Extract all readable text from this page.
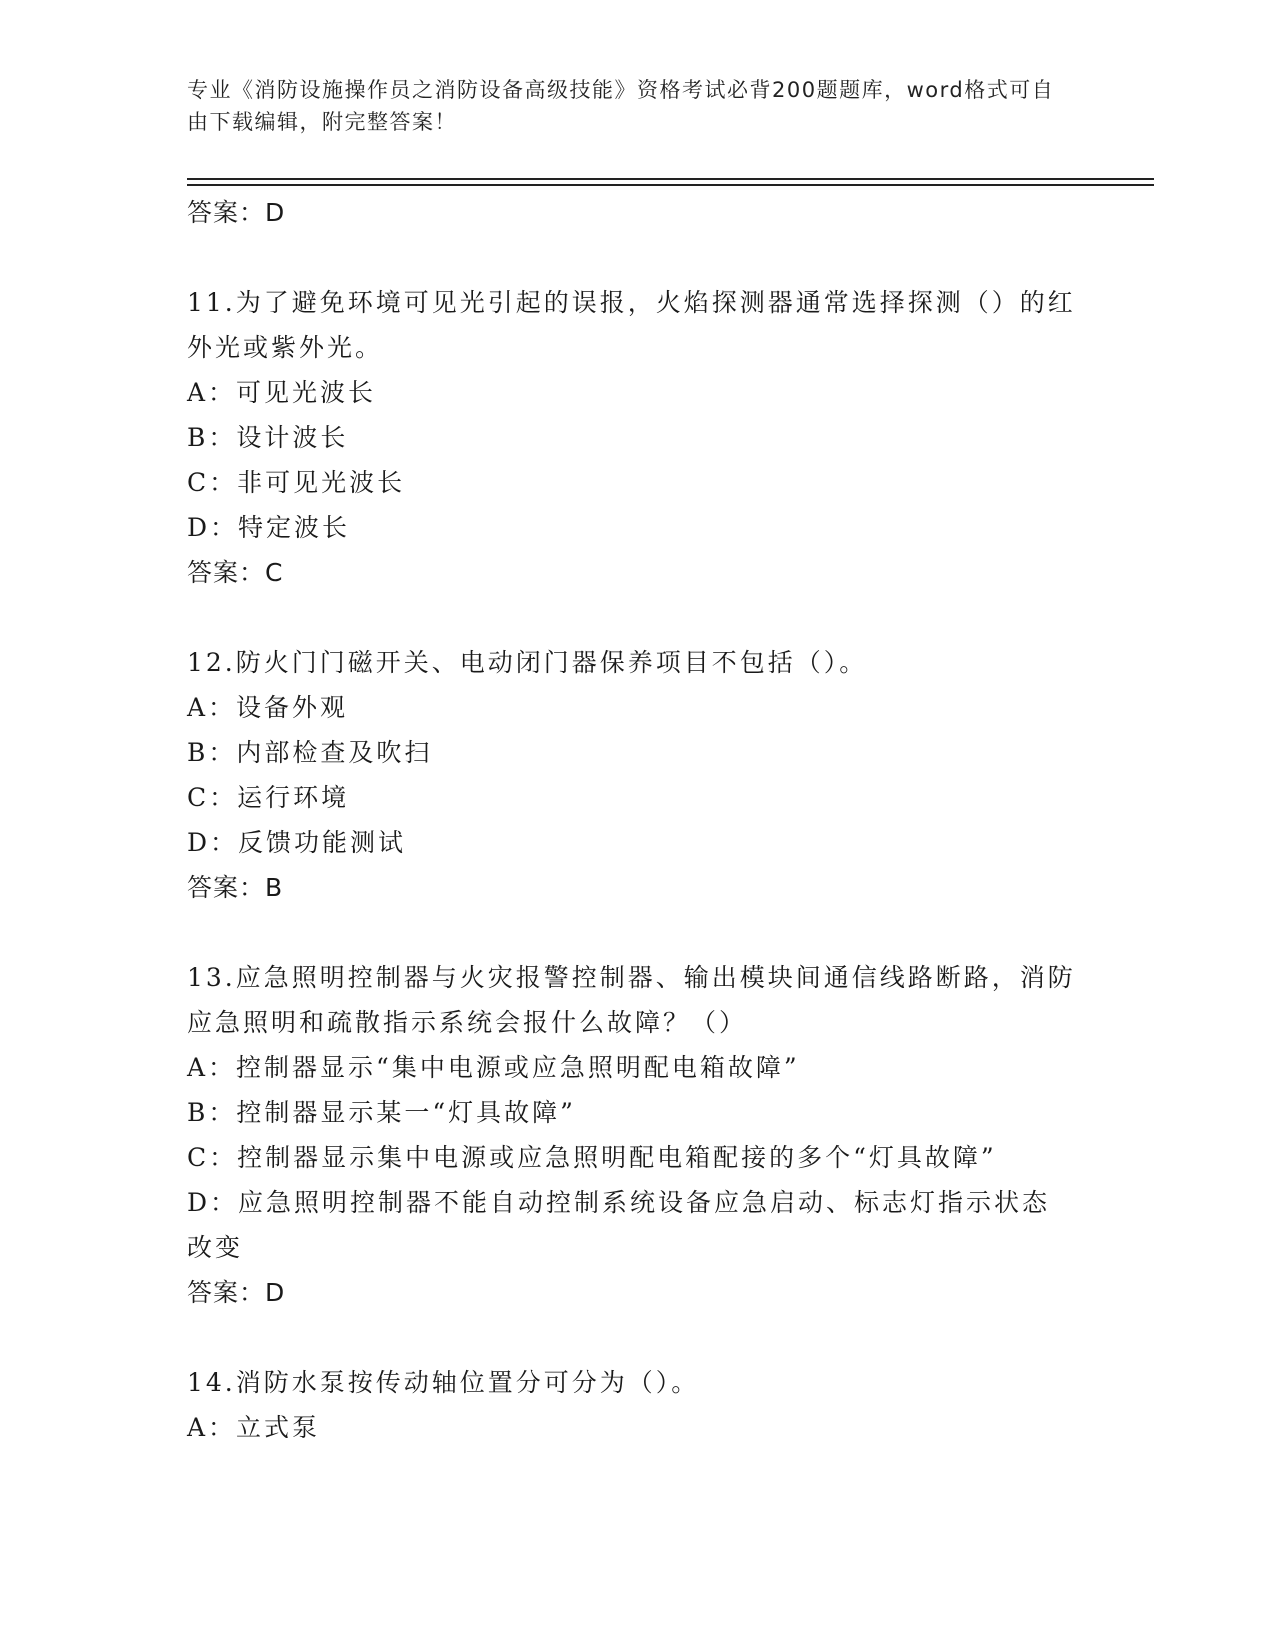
专业《消防设施操作员之消防设备高级技能》资格考试必背200题题库，word格式可自由下载编辑，附完整答案！
答案：D
11.为了避免环境可见光引起的误报，火焰探测器通常选择探测（）的红外光或紫外光。
A：可见光波长
B：设计波长
C：非可见光波长
D：特定波长
答案：C
12.防火门门磁开关、电动闭门器保养项目不包括（）。
A：设备外观
B：内部检查及吹扫
C：运行环境
D：反馈功能测试
答案：B
13.应急照明控制器与火灾报警控制器、输出模块间通信线路断路，消防应急照明和疏散指示系统会报什么故障？（）
A：控制器显示“集中电源或应急照明配电箱故障”
B：控制器显示某一“灯具故障”
C：控制器显示集中电源或应急照明配电箱配接的多个“灯具故障”
D：应急照明控制器不能自动控制系统设备应急启动、标志灯指示状态改变
答案：D
14.消防水泵按传动轴位置分可分为（）。
A：立式泵
